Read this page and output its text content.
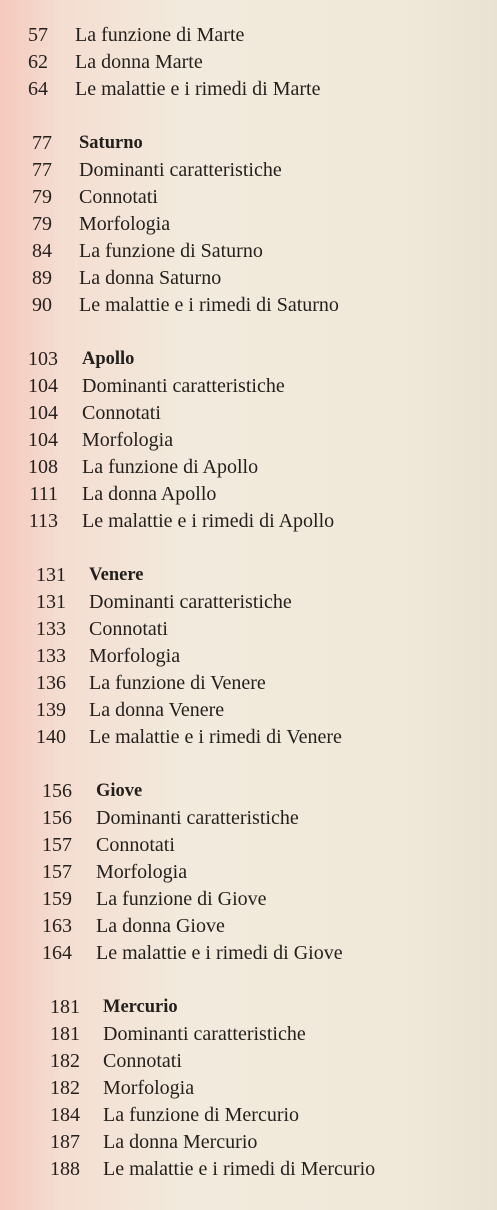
57 La funzione di Marte
62 La donna Marte
64 Le malattie e i rimedi di Marte
77 Saturno
77 Dominanti caratteristiche
79 Connotati
79 Morfologia
84 La funzione di Saturno
89 La donna Saturno
90 Le malattie e i rimedi di Saturno
103 Apollo
104 Dominanti caratteristiche
104 Connotati
104 Morfologia
108 La funzione di Apollo
111 La donna Apollo
113 Le malattie e i rimedi di Apollo
131 Venere
131 Dominanti caratteristiche
133 Connotati
133 Morfologia
136 La funzione di Venere
139 La donna Venere
140 Le malattie e i rimedi di Venere
156 Giove
156 Dominanti caratteristiche
157 Connotati
157 Morfologia
159 La funzione di Giove
163 La donna Giove
164 Le malattie e i rimedi di Giove
181 Mercurio
181 Dominanti caratteristiche
182 Connotati
182 Morfologia
184 La funzione di Mercurio
187 La donna Mercurio
188 Le malattie e i rimedi di Mercurio
